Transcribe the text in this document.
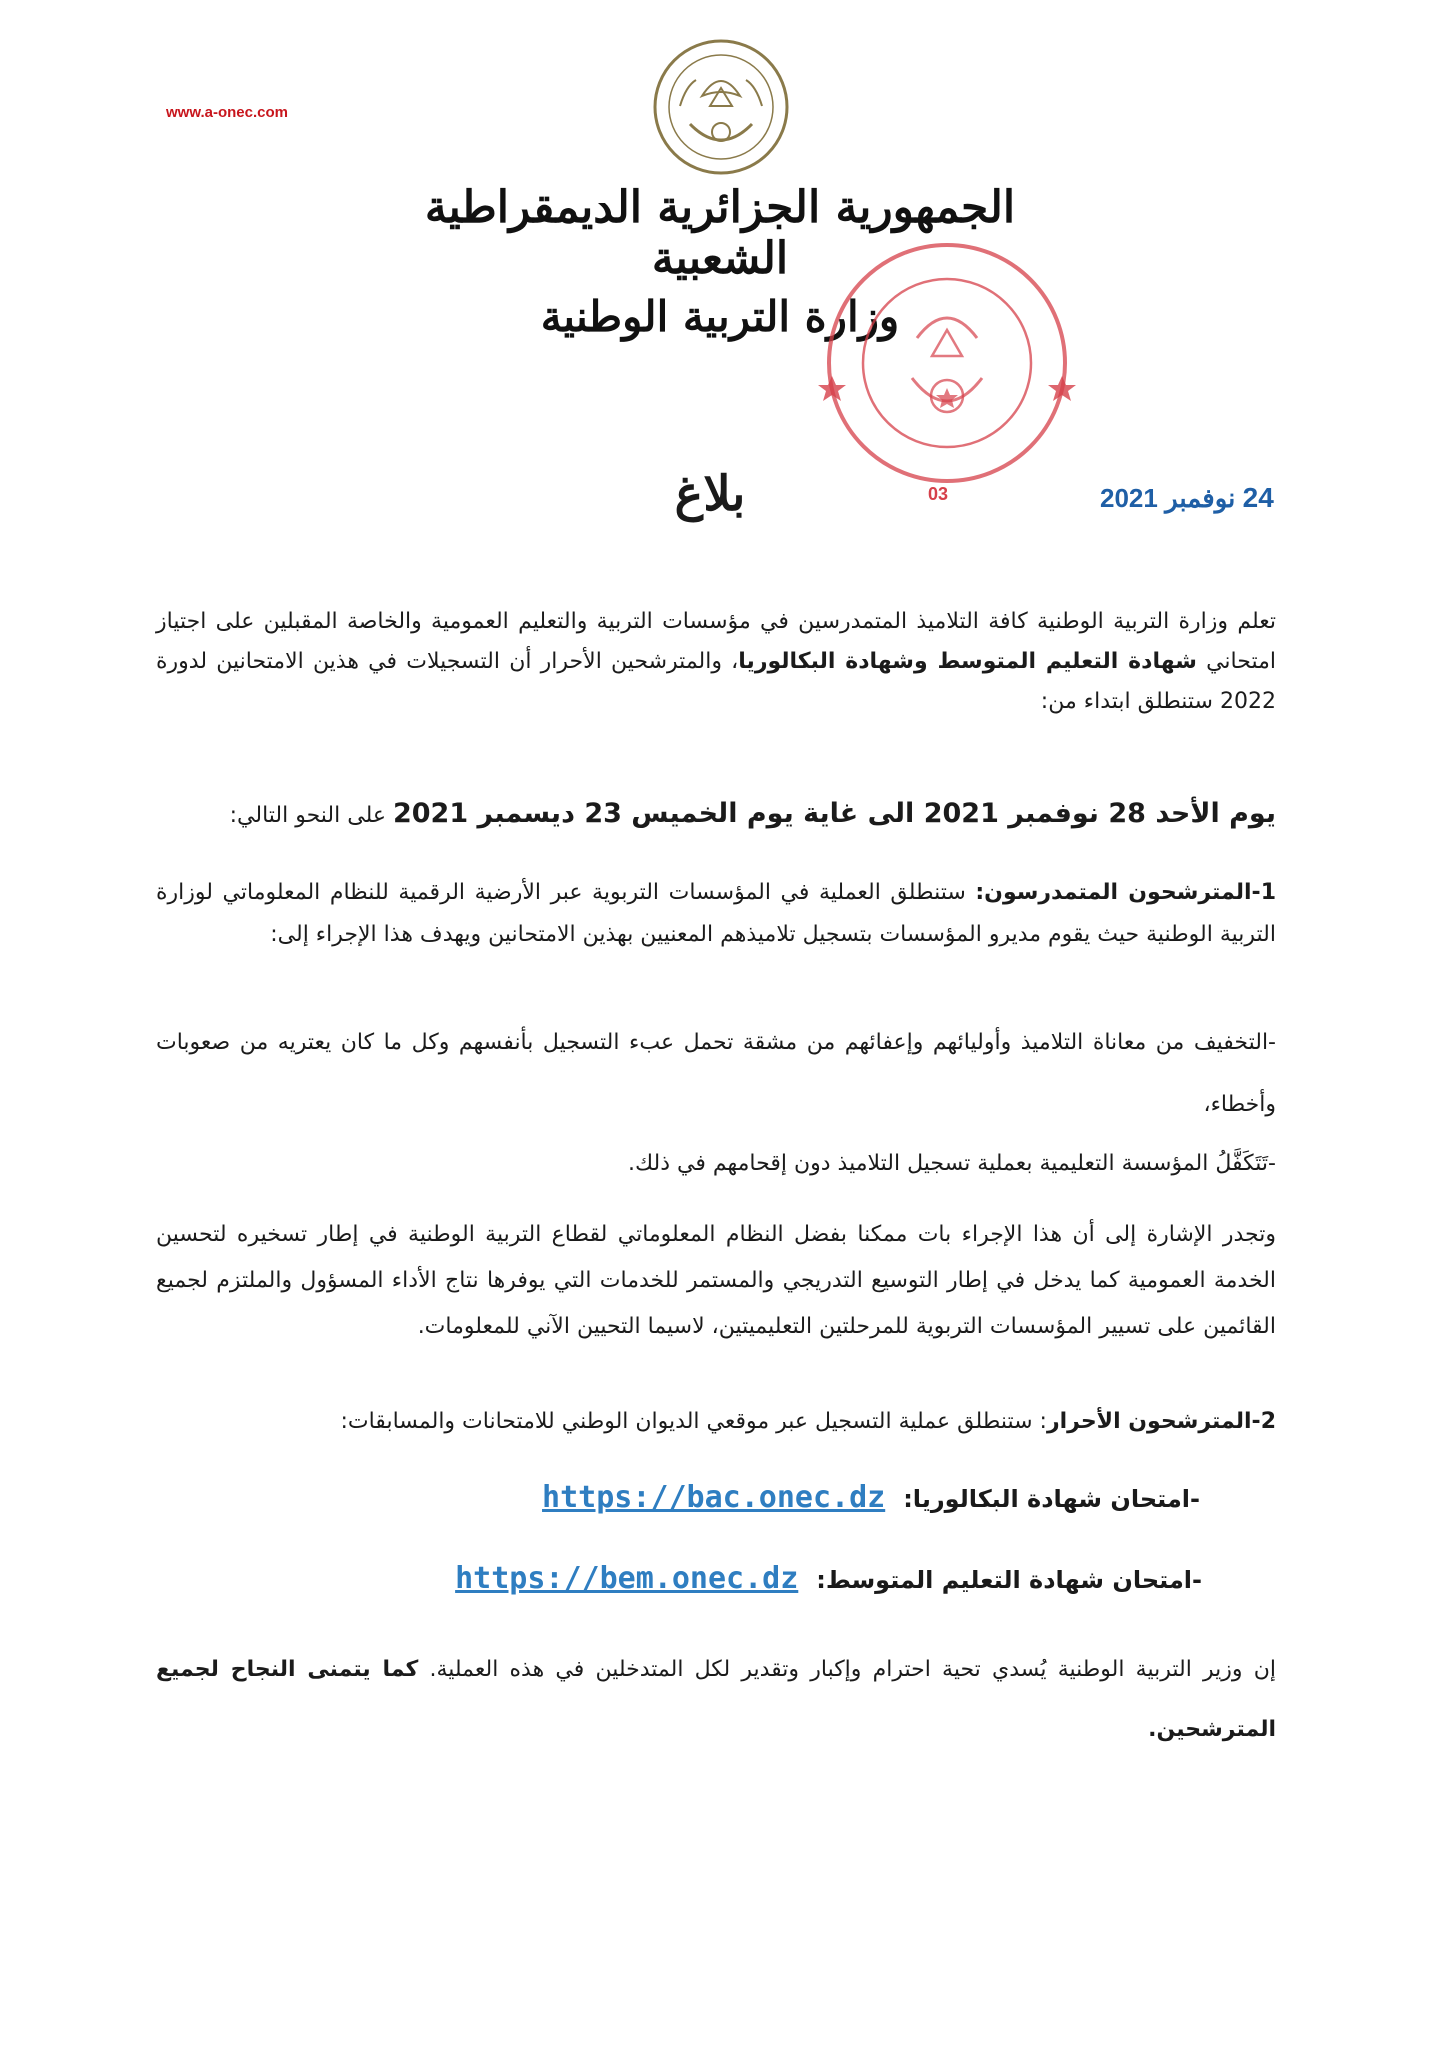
www.a-onec.com
الجمهورية الجزائرية الديمقراطية الشعبية
وزارة التربية الوطنية
03	24 نوفمبر 2021
بلاغ
تعلم وزارة التربية الوطنية كافة التلاميذ المتمدرسين في مؤسسات التربية والتعليم العمومية والخاصة المقبلين على اجتياز امتحاني شهادة التعليم المتوسط وشهادة البكالوريا، والمترشحين الأحرار أن التسجيلات في هذين الامتحانين لدورة 2022 ستنطلق ابتداء من:
يوم الأحد 28 نوفمبر 2021 الى غاية يوم الخميس 23 ديسمبر 2021 على النحو التالي:
1-المترشحون المتمدرسون: ستنطلق العملية في المؤسسات التربوية عبر الأرضية الرقمية للنظام المعلوماتي لوزارة التربية الوطنية حيث يقوم مديرو المؤسسات بتسجيل تلاميذهم المعنيين بهذين الامتحانين ويهدف هذا الإجراء إلى:
-التخفيف من معاناة التلاميذ وأوليائهم وإعفائهم من مشقة تحمل عبء التسجيل بأنفسهم وكل ما كان يعتريه من صعوبات وأخطاء،
-تَتَكَفَّلُ المؤسسة التعليمية بعملية تسجيل التلاميذ دون إقحامهم في ذلك.
وتجدر الإشارة إلى أن هذا الإجراء بات ممكنا بفضل النظام المعلوماتي لقطاع التربية الوطنية في إطار تسخيره لتحسين الخدمة العمومية كما يدخل في إطار التوسيع التدريجي والمستمر للخدمات التي يوفرها نتاج الأداء المسؤول والملتزم لجميع القائمين على تسيير المؤسسات التربوية للمرحلتين التعليميتين، لاسيما التحيين الآني للمعلومات.
2-المترشحون الأحرار: ستنطلق عملية التسجيل عبر موقعي الديوان الوطني للامتحانات والمسابقات:
-امتحان شهادة البكالوريا:
https://bac.onec.dz
-امتحان شهادة التعليم المتوسط:
https://bem.onec.dz
إن وزير التربية الوطنية يُسدي تحية احترام وإكبار وتقدير لكل المتدخلين في هذه العملية. كما يتمنى النجاح لجميع المترشحين.
